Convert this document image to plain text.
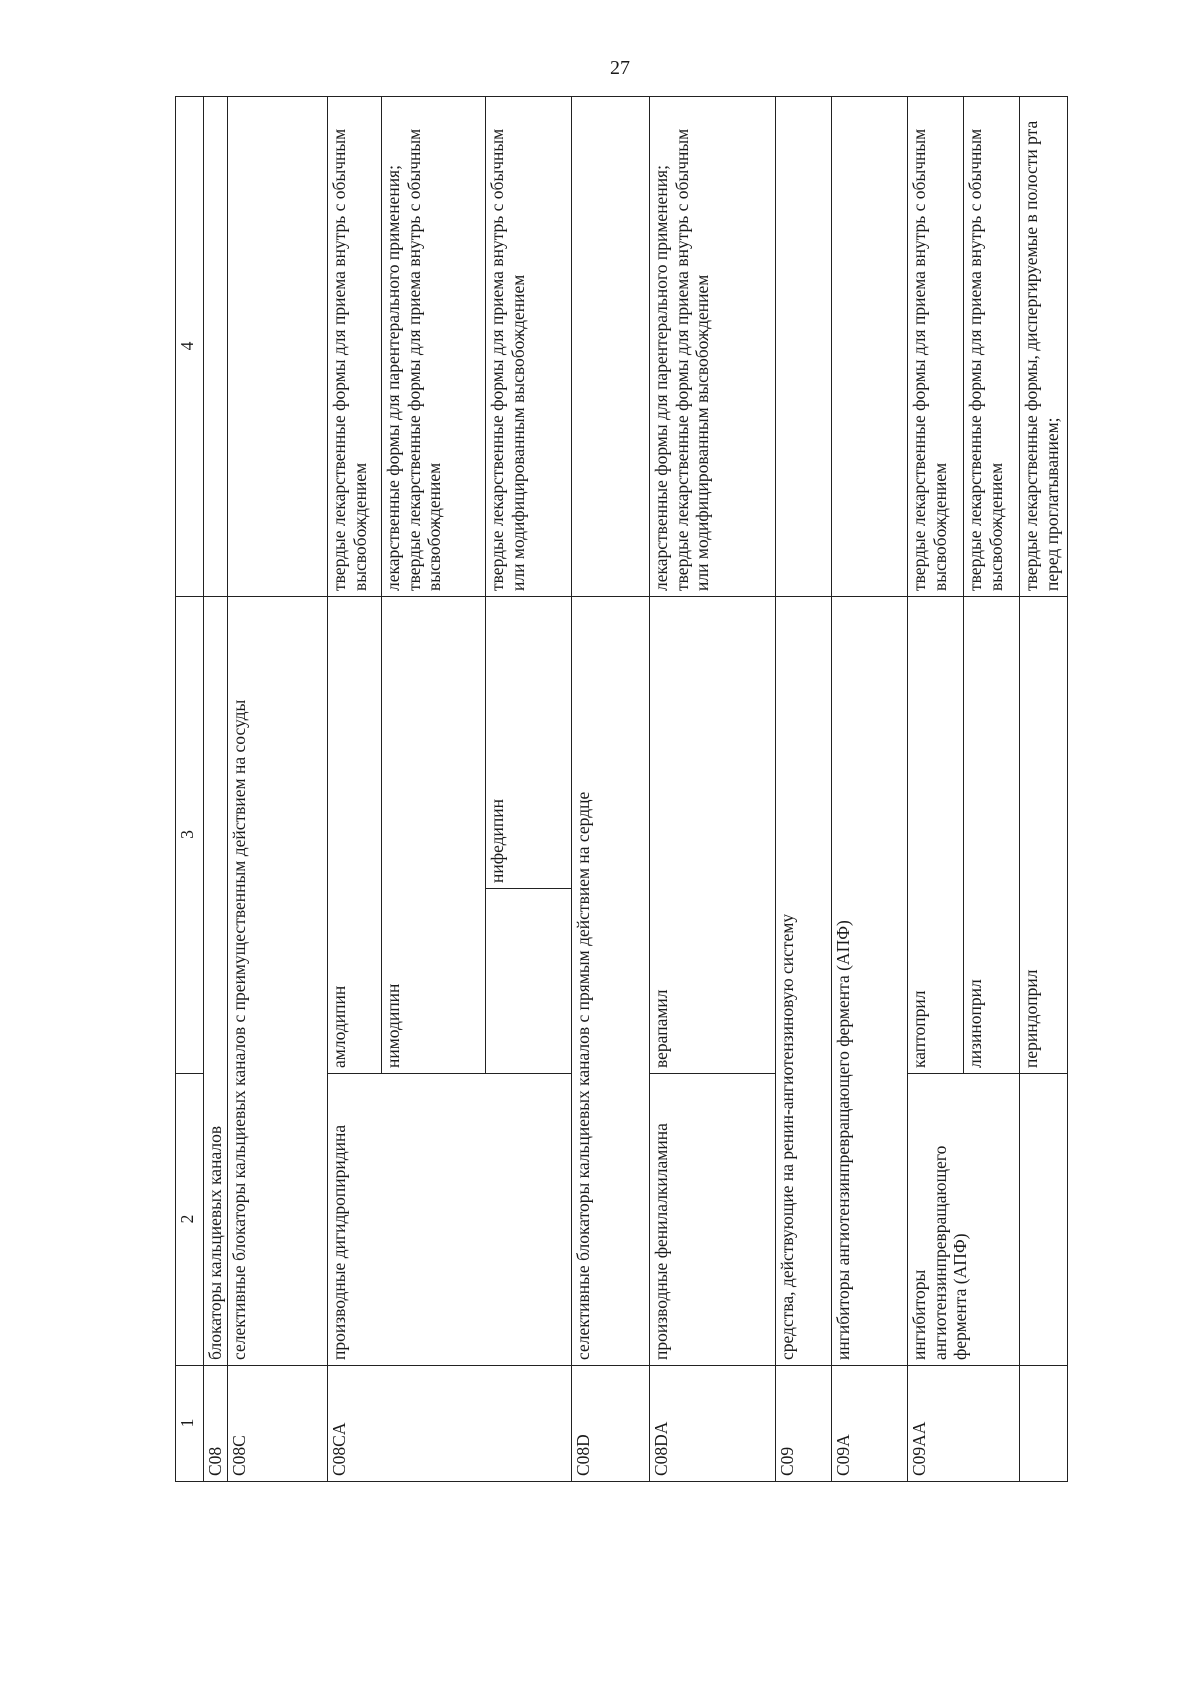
27
1	2	3		4
C08	блокаторы кальциевых каналов			
C08C	селективные блокаторы кальциевых каналов с преимущественным действием на сосуды			
C08CA	производные дигидропиридина	амлодипин		твердые лекарственные формы для приема внутрь с обычным высвобождением
		нимодипин		лекарственные формы для парентерального применения;
твердые лекарственные формы для приема внутрь с обычным высвобождением
			нифедипин	твердые лекарственные формы для приема внутрь с обычным или модифицированным высвобождением
C08D	селективные блокаторы кальциевых каналов с прямым действием на сердце			
C08DA	производные фенилалкиламина	верапамил		лекарственные формы для парентерального применения;
твердые лекарственные формы для приема внутрь с обычным или модифицированным высвобождением
C09	средства, действующие на ренин-ангиотензиновую систему			
C09A	ингибиторы ангиотензинпревращающего фермента (АПФ)			
C09AA	ингибиторы ангиотензинпревращающего фермента (АПФ)	каптоприл		твердые лекарственные формы для приема внутрь с обычным высвобождением
		лизиноприл		твердые лекарственные формы для приема внутрь с обычным высвобождением
		периндоприл		твердые лекарственные формы, диспергируемые в полости рта перед проглатыванием;
